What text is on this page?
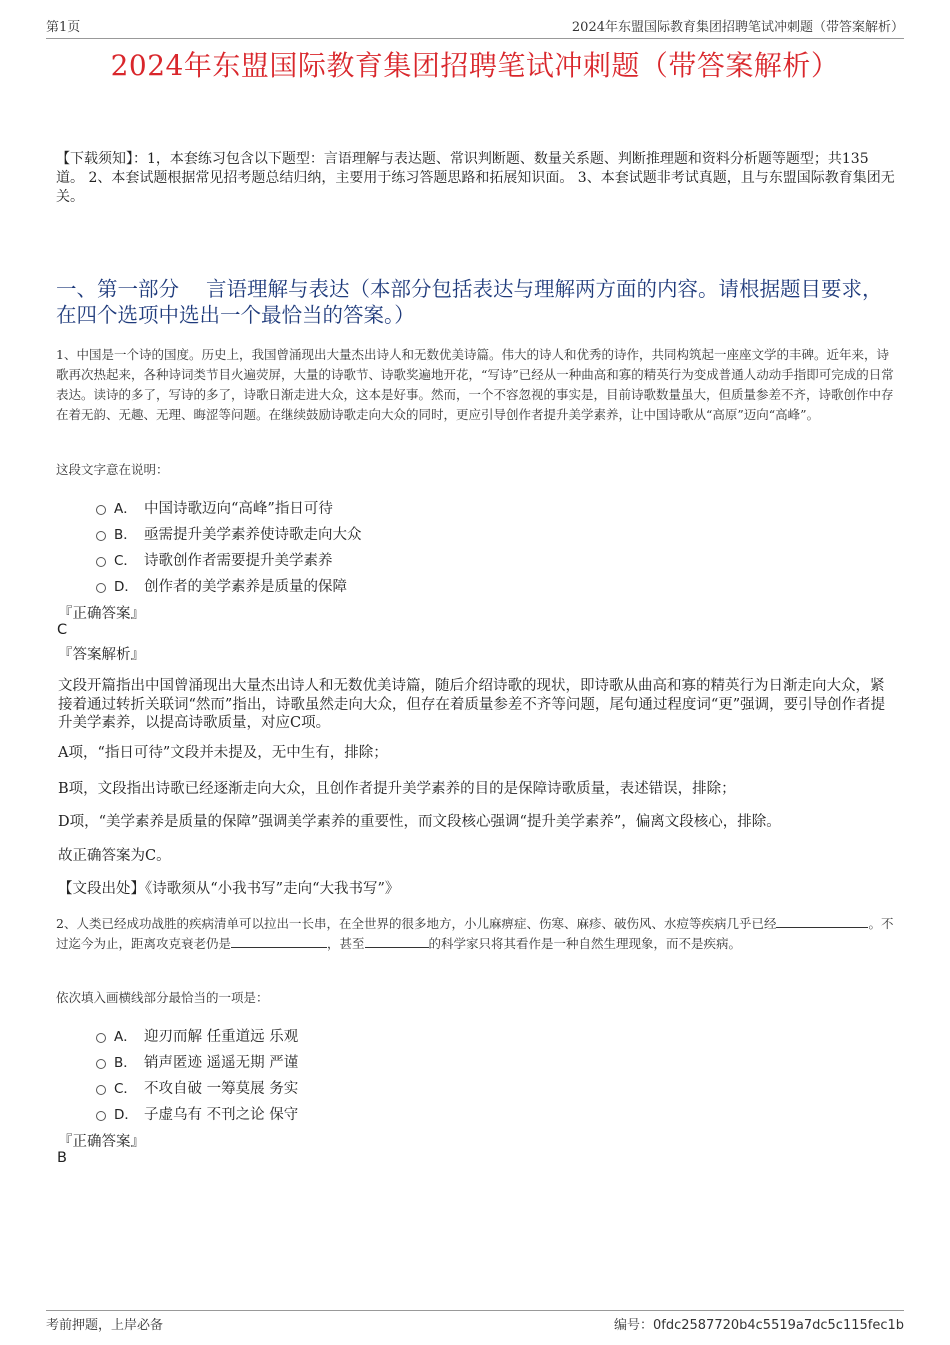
第1页	2024年东盟国际教育集团招聘笔试冲刺题（带答案解析）
2024年东盟国际教育集团招聘笔试冲刺题（带答案解析）
【下载须知】：1，本套练习包含以下题型：言语理解与表达题、常识判断题、数量关系题、判断推理题和资料分析题等题型；共135道。 2、本套试题根据常见招考题总结归纳，主要用于练习答题思路和拓展知识面。 3、本套试题非考试真题，且与东盟国际教育集团无关。
一、第一部分　 言语理解与表达（本部分包括表达与理解两方面的内容。请根据题目要求，在四个选项中选出一个最恰当的答案。）
1、中国是一个诗的国度。历史上，我国曾涌现出大量杰出诗人和无数优美诗篇。伟大的诗人和优秀的诗作，共同构筑起一座座文学的丰碑。近年来，诗歌再次热起来，各种诗词类节目火遍荧屏，大量的诗歌节、诗歌奖遍地开花，“写诗”已经从一种曲高和寡的精英行为变成普通人动动手指即可完成的日常表达。读诗的多了，写诗的多了，诗歌日渐走进大众，这本是好事。然而，一个不容忽视的事实是，目前诗歌数量虽大，但质量参差不齐，诗歌创作中存在着无韵、无趣、无理、晦涩等问题。在继续鼓励诗歌走向大众的同时，更应引导创作者提升美学素养，让中国诗歌从“高原”迈向“高峰”。
这段文字意在说明：
A． 中国诗歌迈向“高峰”指日可待
B． 亟需提升美学素养使诗歌走向大众
C． 诗歌创作者需要提升美学素养
D． 创作者的美学素养是质量的保障
『正确答案』
C
『答案解析』
文段开篇指出中国曾涌现出大量杰出诗人和无数优美诗篇，随后介绍诗歌的现状，即诗歌从曲高和寡的精英行为日渐走向大众，紧接着通过转折关联词“然而”指出，诗歌虽然走向大众，但存在着质量参差不齐等问题，尾句通过程度词“更”强调，要引导创作者提升美学素养，以提高诗歌质量，对应C项。
A项，“指日可待”文段并未提及，无中生有，排除；
B项，文段指出诗歌已经逐渐走向大众，且创作者提升美学素养的目的是保障诗歌质量，表述错误，排除；
D项，“美学素养是质量的保障”强调美学素养的重要性，而文段核心强调“提升美学素养”，偏离文段核心，排除。
故正确答案为C。
【文段出处】《诗歌须从“小我书写”走向“大我书写”》
2、人类已经成功战胜的疾病清单可以拉出一长串，在全世界的很多地方，小儿麻痹症、伤寒、麻疹、破伤风、水痘等疾病几乎已经	。不过迄今为止，距离攻克衰老仍是	，甚至	的科学家只将其看作是一种自然生理现象，而不是疾病。
依次填入画横线部分最恰当的一项是：
A． 迎刃而解 任重道远 乐观
B． 销声匿迹 遥遥无期 严谨
C． 不攻自破 一筹莫展 务实
D． 子虚乌有 不刊之论 保守
『正确答案』
B
考前押题，上岸必备	编号：0fdc2587720b4c5519a7dc5c115fec1b
